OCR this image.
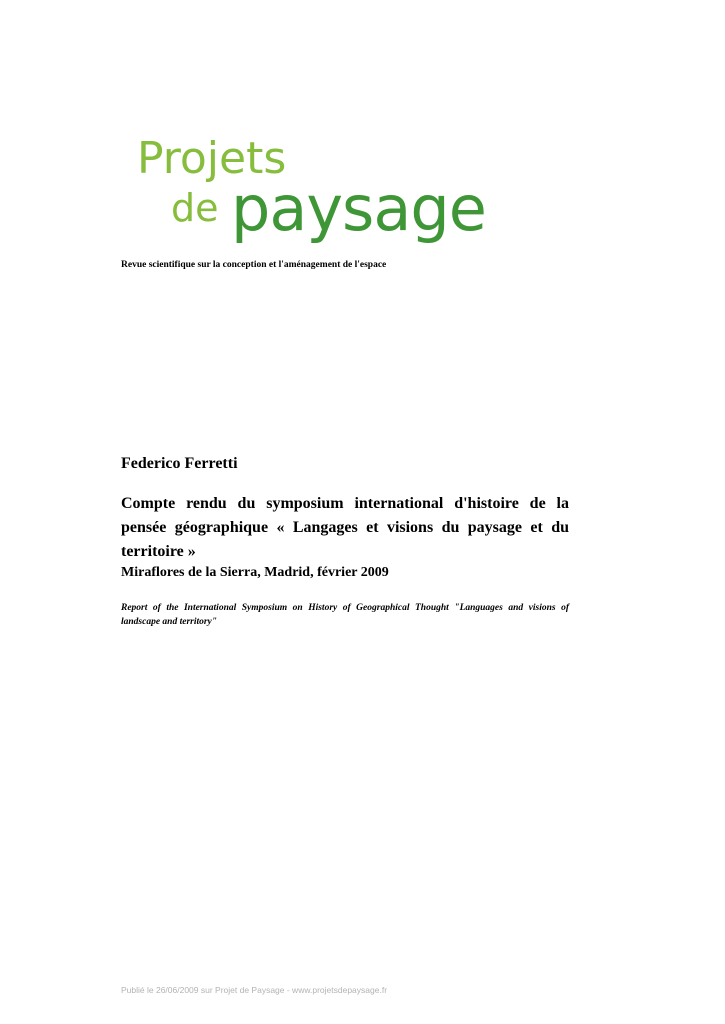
Projets
de paysage
Revue scientifique sur la conception et l'aménagement de l'espace
Federico Ferretti

Compte rendu du symposium international d'histoire de la pensée géographique « Langages et visions du paysage et du territoire »

Miraflores de la Sierra, Madrid, février 2009

Report of the International Symposium on History of Geographical Thought "Languages and visions of landscape and territory"

Publié le 26/06/2009 sur Projet de Paysage - www.projetsdepaysage.fr
